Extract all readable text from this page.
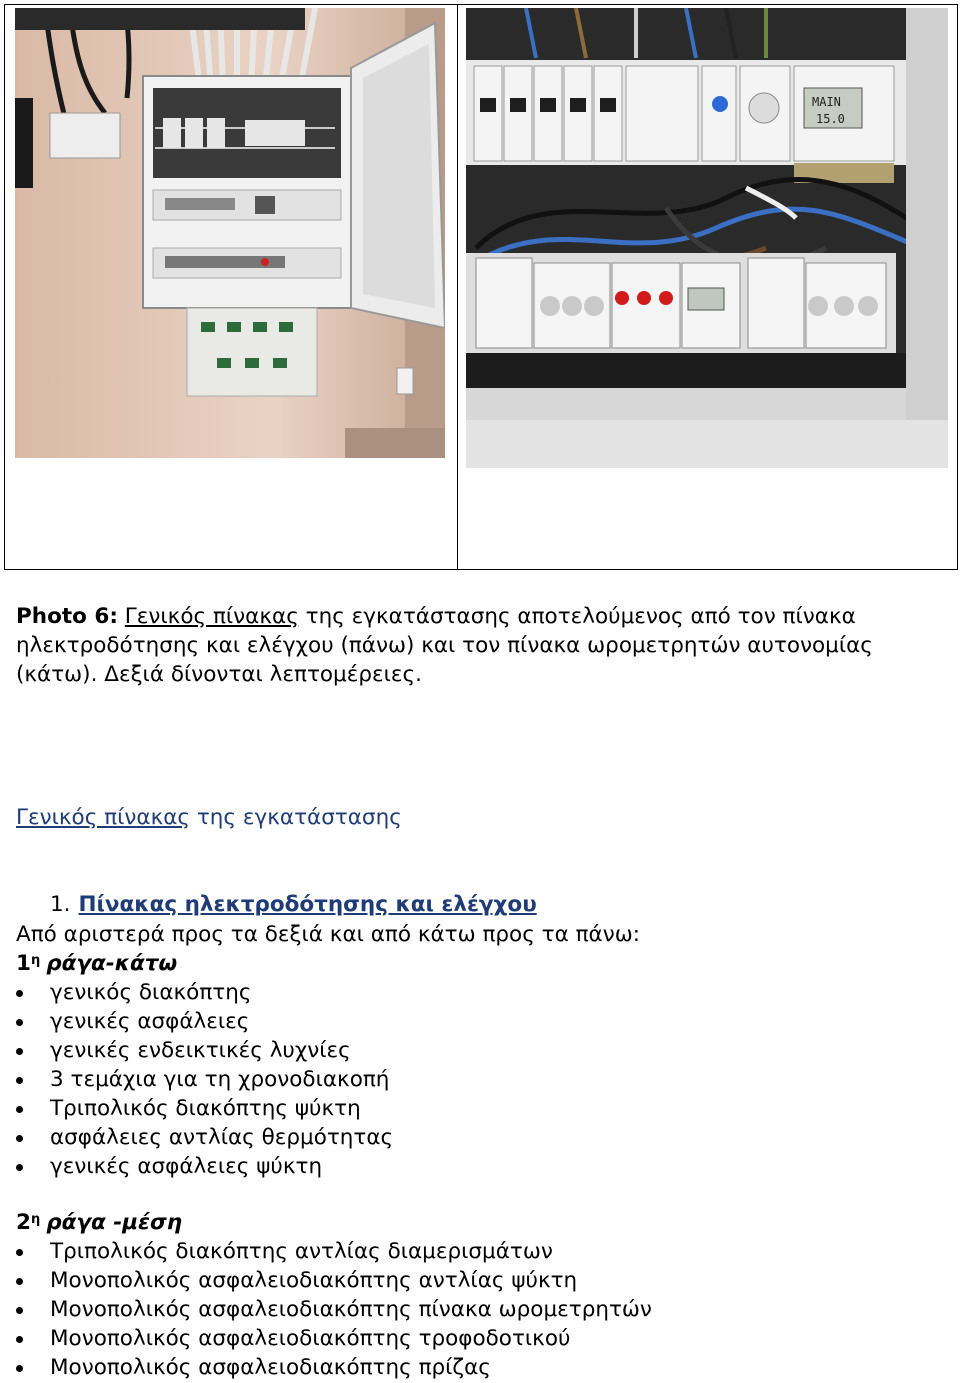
MAIN
15.0
Photo 6: Γενικός πίνακας της εγκατάστασης αποτελούμενος από τον πίνακα ηλεκτροδότησης και ελέγχου (πάνω) και τον πίνακα ωρομετρητών αυτονομίας (κάτω). Δεξιά δίνονται λεπτομέρειες.
Γενικός πίνακας της εγκατάστασης
1. Πίνακας ηλεκτροδότησης και ελέγχου
Από αριστερά προς τα δεξιά και από κάτω προς τα πάνω:
$1^\eta$ ράγα-κάτω
γενικός διακόπτης
γενικές ασφάλειες
γενικές ενδεικτικές λυχνίες
3 τεμάχια για τη χρονοδιακοπή
Τριπολικός διακόπτης ψύκτη
ασφάλειες αντλίας θερμότητας
γενικές ασφάλειες ψύκτη
$2^\eta$ ράγα -μέση
Τριπολικός διακόπτης αντλίας διαμερισμάτων
Μονοπολικός ασφαλειοδιακόπτης αντλίας ψύκτη
Μονοπολικός ασφαλειοδιακόπτης πίνακα ωρομετρητών
Μονοπολικός ασφαλειοδιακόπτης τροφοδοτικού
Μονοπολικός ασφαλειοδιακόπτης πρίζας
